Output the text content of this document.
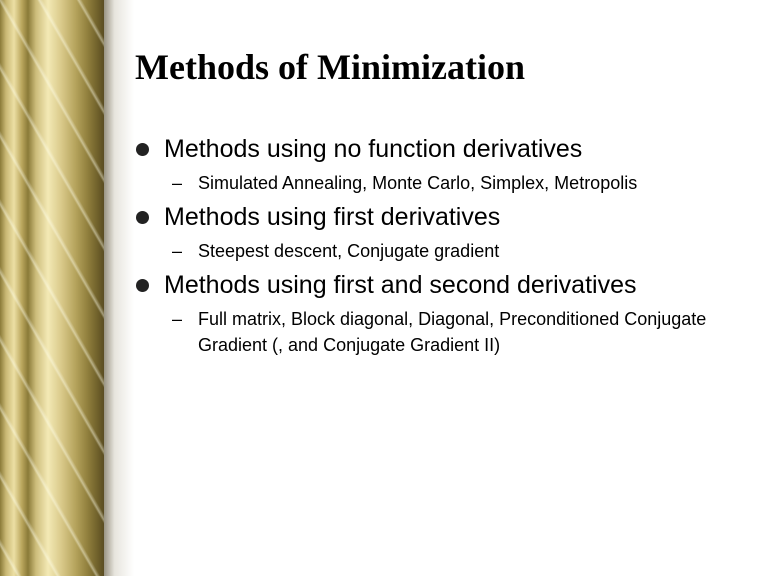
Methods of Minimization
Methods using no function derivatives
– Simulated Annealing, Monte Carlo, Simplex, Metropolis
Methods using first derivatives
– Steepest descent, Conjugate gradient
Methods using first and second derivatives
– Full matrix, Block diagonal, Diagonal, Preconditioned Conjugate Gradient (, and Conjugate Gradient II)
